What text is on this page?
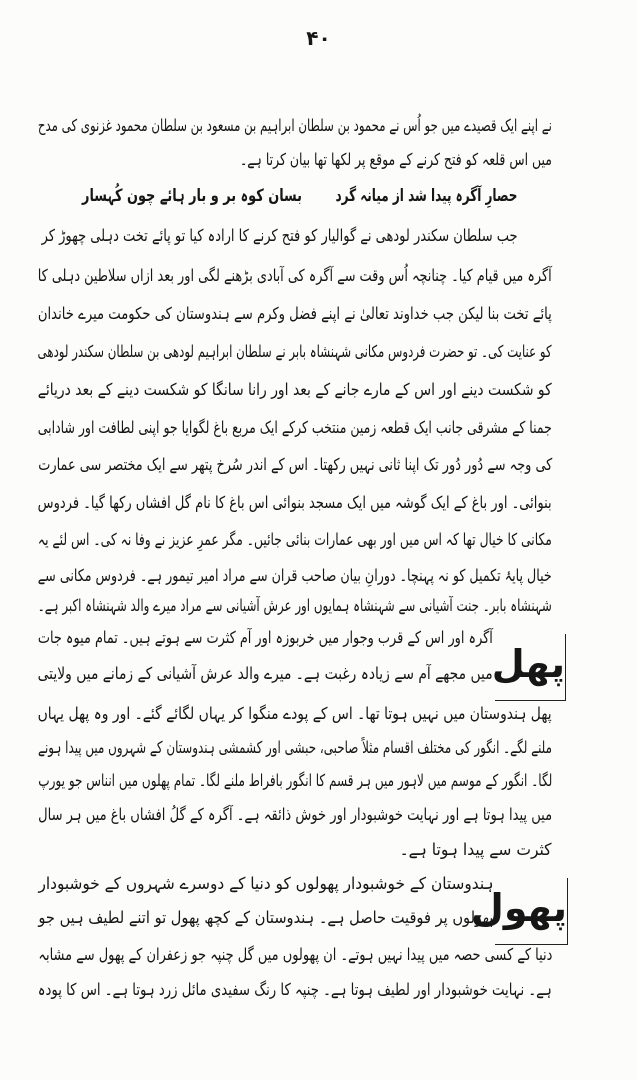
۴۰
نے اپنے ایک قصیدے میں جو اُس نے محمود بن سلطان ابراہیم بن مسعود بن سلطان محمود غزنوی کی مدح
میں اس قلعہ کو فتح کرنے کے موقع پر لکھا تھا بیان کرتا ہے۔
حصارِ آگرہ پیدا شد از میانہ گرد
بسان کوہ بر و بار ہائے چون کُہسار
جب سلطان سکندر لودھی نے گوالیار کو فتح کرنے کا ارادہ کیا تو پائے تخت دہلی چھوڑ کر
آگرہ میں قیام کیا۔ چنانچہ اُس وقت سے آگرہ کی آبادی بڑھنے لگی اور بعد ازاں سلاطین دہلی کا
پائے تخت بنا لیکن جب خداوند تعالیٰ نے اپنے فضل وکرم سے ہندوستان کی حکومت میرے خاندان
کو عنایت کی۔ تو حضرت فردوس مکانی شہنشاہ بابر نے سلطان ابراہیم لودھی بن سلطان سکندر لودھی
کو شکست دینے اور اس کے مارے جانے کے بعد اور رانا سانگا کو شکست دینے کے بعد دریائے
جمنا کے مشرقی جانب ایک قطعہ زمین منتخب کرکے ایک مربع باغ لگوایا جو اپنی لطافت اور شادابی
کی وجہ سے دُور دُور تک اپنا ثانی نہیں رکھتا۔ اس کے اندر سُرخ پتھر سے ایک مختصر سی عمارت
بنوائی۔ اور باغ کے ایک گوشہ میں ایک مسجد بنوائی اس باغ کا نام گل افشاں رکھا گیا۔ فردوس
مکانی کا خیال تھا کہ اس میں اور بھی عمارات بنائی جائیں۔ مگر عمرِ عزیز نے وفا نہ کی۔ اس لئے یہ
خیال پایۂ تکمیل کو نہ پہنچا۔ دورانِ بیان صاحب قران سے مراد امیر تیمور ہے۔ فردوس مکانی سے
شہنشاہ بابر۔ جنت آشیانی سے شہنشاہ ہمایوں اور عرش آشیانی سے مراد میرے والد شہنشاہ اکبر ہے۔
پھل
آگرہ اور اس کے قرب وجوار میں خربوزہ اور آم کثرت سے ہوتے ہیں۔ تمام میوہ جات
میں مجھے آم سے زیادہ رغبت ہے۔ میرے والد عرش آشیانی کے زمانے میں ولایتی
پھل ہندوستان میں نہیں ہوتا تھا۔ اس کے پودے منگوا کر یہاں لگائے گئے۔ اور وہ پھل یہاں
ملنے لگے۔ انگور کی مختلف اقسام مثلاً صاحبی، حبشی اور کشمشی ہندوستان کے شہروں میں پیدا ہونے
لگا۔ انگور کے موسم میں لاہور میں ہر قسم کا انگور بافراط ملنے لگا۔ تمام پھلوں میں انناس جو یورپ
میں پیدا ہوتا ہے اور نہایت خوشبودار اور خوش ذائقہ ہے۔ آگرہ کے گلُ افشاں باغ میں ہر سال
کثرت سے پیدا ہوتا ہے۔
پھول
ہندوستان کے خوشبودار پھولوں کو دنیا کے دوسرے شہروں کے خوشبودار
پھولوں پر فوقیت حاصل ہے۔ ہندوستان کے کچھ پھول تو اتنے لطیف ہیں جو
دنیا کے کسی حصہ میں پیدا نہیں ہوتے۔ ان پھولوں میں گل چنپہ جو زعفران کے پھول سے مشابہ
ہے۔ نہایت خوشبودار اور لطیف ہوتا ہے۔ چنپہ کا رنگ سفیدی مائل زرد ہوتا ہے۔ اس کا پودہ
